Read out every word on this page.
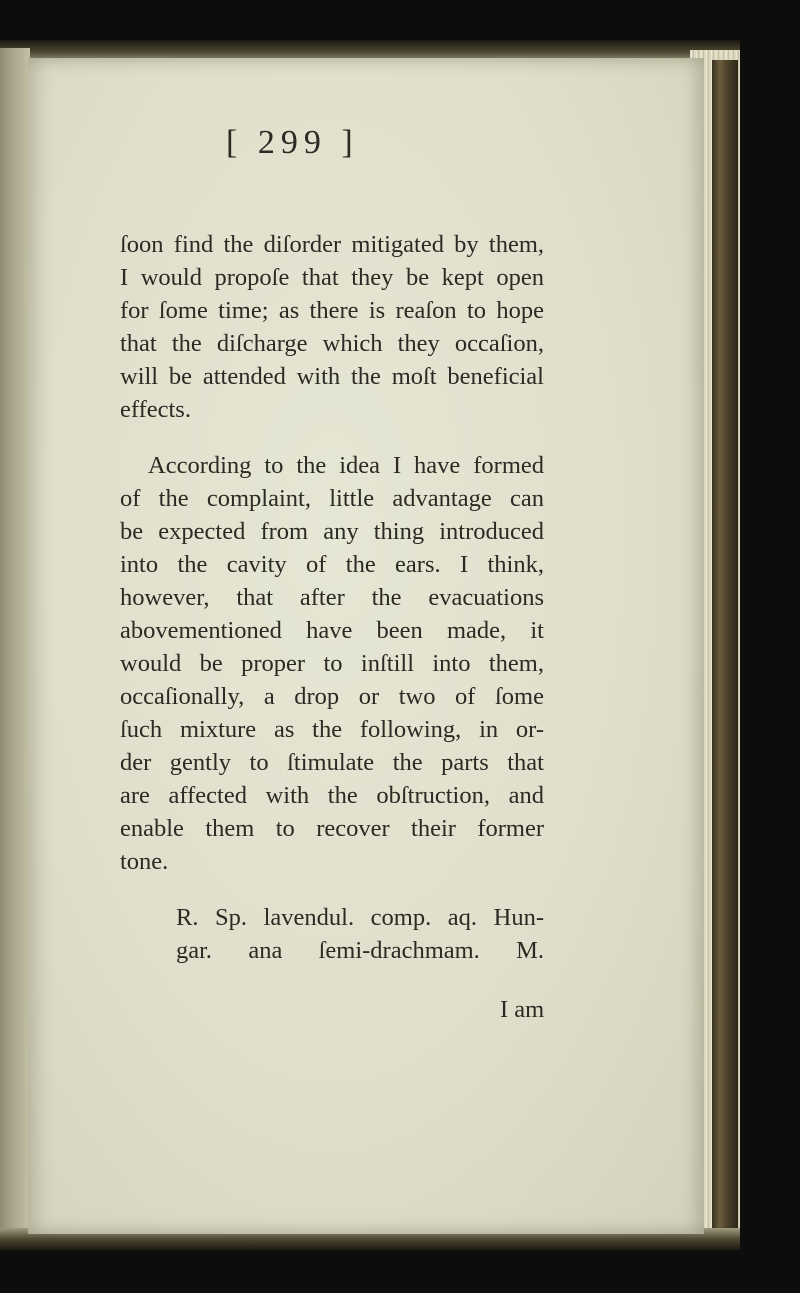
[ 299 ]

ſoon find the diſorder mitigated by them,

I would propoſe that they be kept open

for ſome time; as there is reaſon to hope

that the diſcharge which they occaſion,

will be attended with the moſt beneficial

effects.

According to the idea I have formed

of the complaint, little advantage can

be expected from any thing introduced

into the cavity of the ears. I think,

however, that after the evacuations

abovementioned have been made, it

would be proper to inſtill into them,

occaſionally, a drop or two of ſome

ſuch mixture as the following, in or-

der gently to ſtimulate the parts that

are affected with the obſtruction, and

enable them to recover their former

tone.

R. Sp. lavendul. comp. aq. Hun-

gar. ana ſemi-drachmam. M.

I am
